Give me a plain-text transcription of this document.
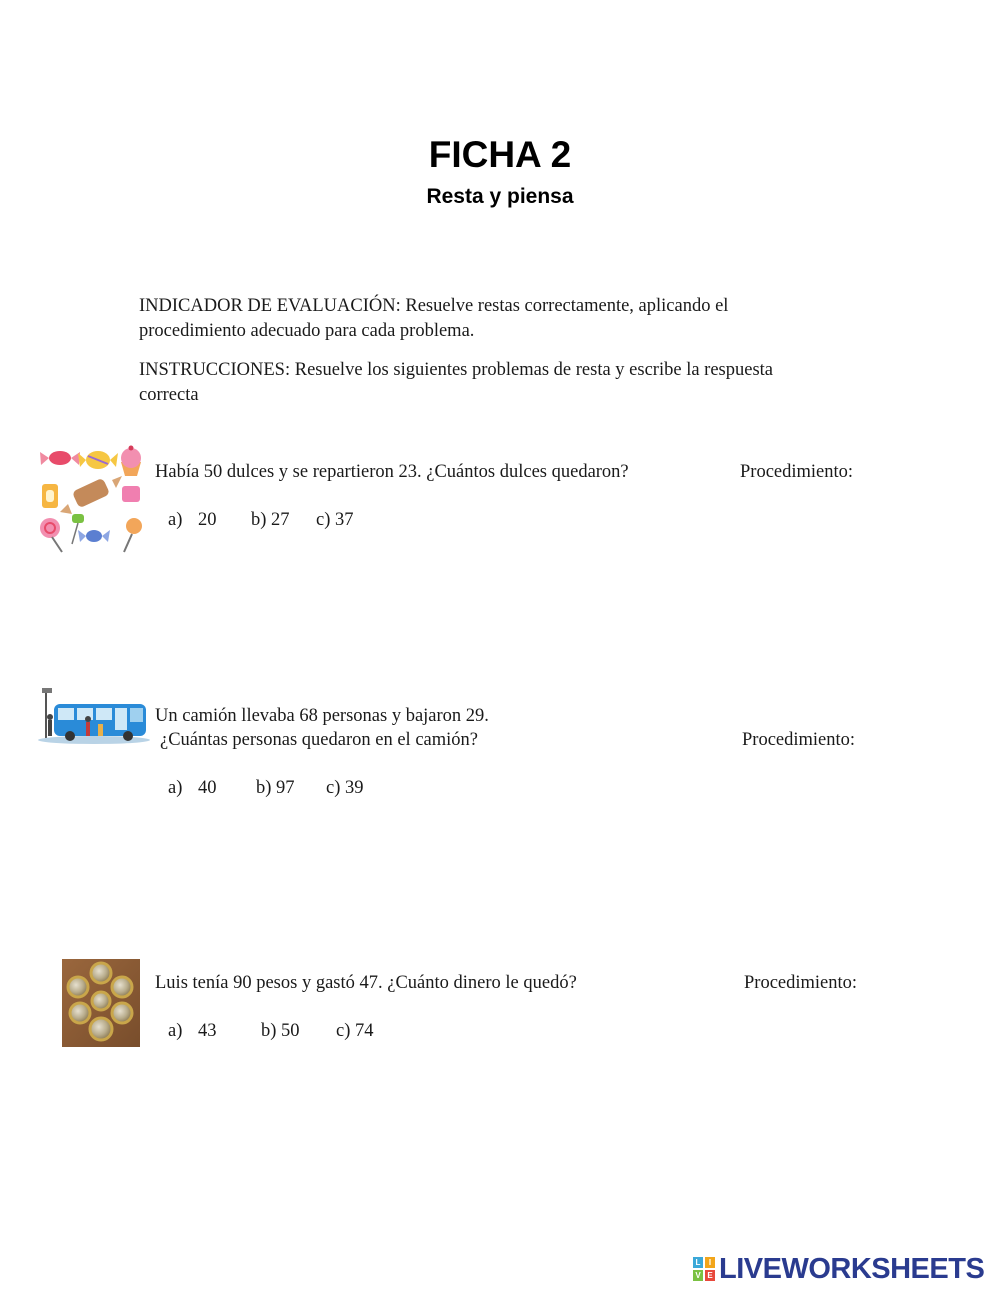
FICHA 2
Resta y piensa
INDICADOR DE EVALUACIÓN: Resuelve restas correctamente, aplicando el
procedimiento adecuado para cada problema.
INSTRUCCIONES: Resuelve los siguientes problemas de resta y escribe la respuesta
correcta
Había 50 dulces y se repartieron 23. ¿Cuántos dulces quedaron?	Procedimiento:
a) 20 b) 27 c) 37
Un camión llevaba 68 personas y bajaron 29.
¿Cuántas personas quedaron en el camión?	Procedimiento:
a) 40 b) 97 c) 39
Luis tenía 90 pesos y gastó 47. ¿Cuánto dinero le quedó?	Procedimiento:
a) 43 b) 50 c) 74
L	I
V E LIVEWORKSHEETS
